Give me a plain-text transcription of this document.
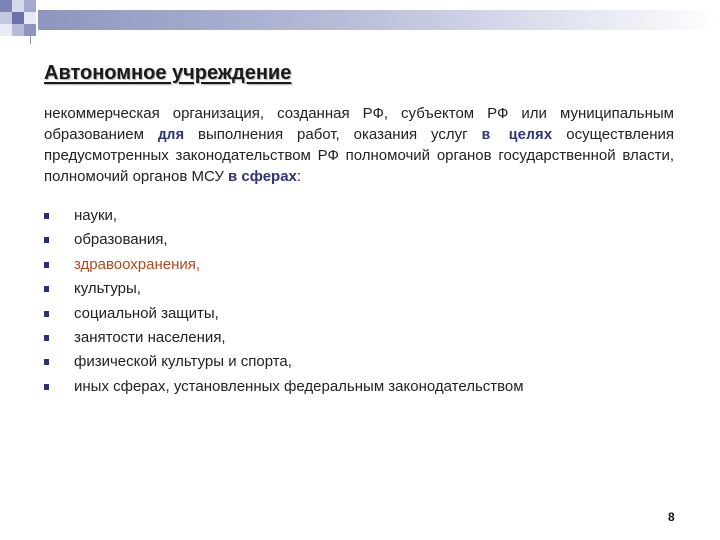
Автономное учреждение
некоммерческая организация, созданная РФ, субъектом РФ или муниципальным образованием для выполнения работ, оказания услуг в целях осуществления предусмотренных законодательством РФ полномочий органов государственной власти, полномочий органов МСУ в сферах:
науки,
образования,
здравоохранения,
культуры,
социальной защиты,
занятости населения,
физической культуры и спорта,
иных сферах, установленных федеральным законодательством
8
